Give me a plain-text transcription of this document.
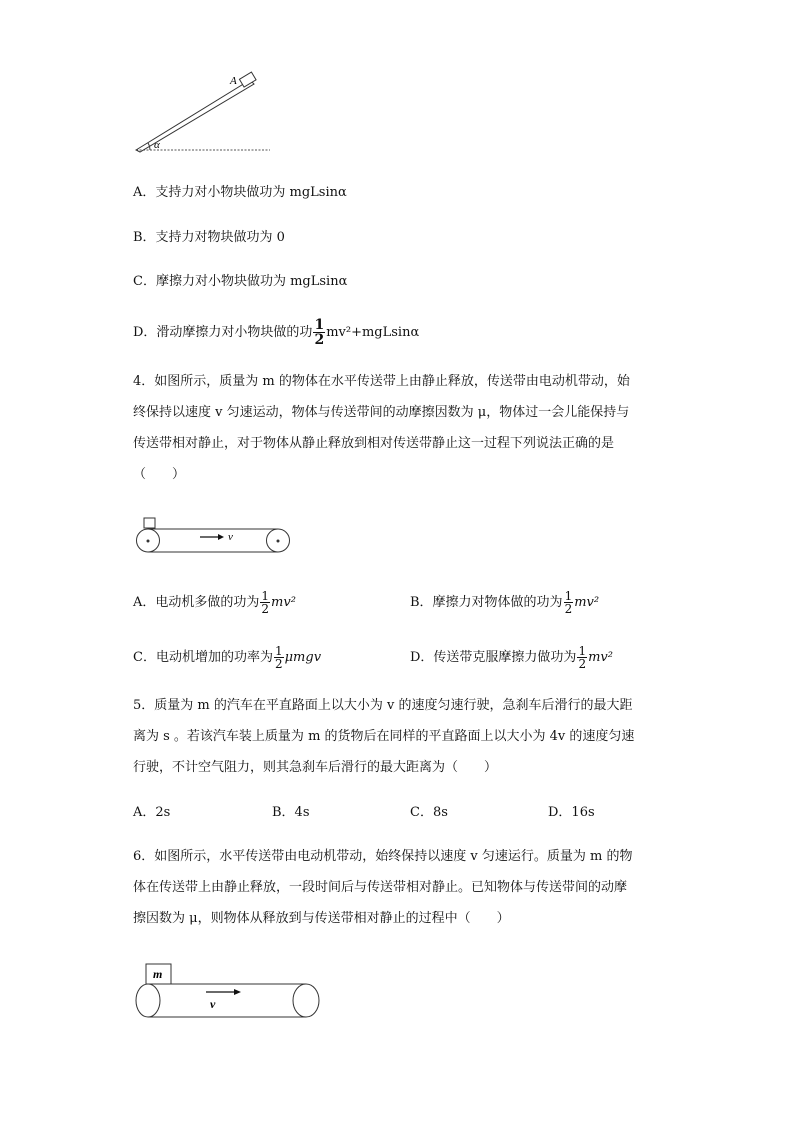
A
α
A．支持力对小物块做功为 mgLsinα
B．支持力对物块做功为 0
C．摩擦力对小物块做功为 mgLsinα
D．滑动摩擦力对小物块做的功 $\frac{1}{2} mv^2+mgLsin\alpha$
4．如图所示，质量为 m 的物体在水平传送带上由静止释放，传送带由电动机带动，始
终保持以速度 v 匀速运动，物体与传送带间的动摩擦因数为 μ，物体过一会儿能保持与
传送带相对静止，对于物体从静止释放到相对传送带静止这一过程下列说法正确的是
（　　）
v
A．电动机多做的功为 $\frac{1}{2} mv^2$	B．摩擦力对物体做的功为 $\frac{1}{2} mv^2$
C．电动机增加的功率为 $\frac{1}{2}$ μmgv	D．传送带克服摩擦力做功为 $\frac{1}{2} mv^2$
5．质量为 m 的汽车在平直路面上以大小为 v 的速度匀速行驶，急刹车后滑行的最大距
离为 s 。若该汽车装上质量为 m 的货物后在同样的平直路面上以大小为 4v 的速度匀速
行驶，不计空气阻力，则其急刹车后滑行的最大距离为（　　）
A．2s	B．4s	C．8s	D．16s
6．如图所示，水平传送带由电动机带动，始终保持以速度 v 匀速运行。质量为 m 的物
体在传送带上由静止释放，一段时间后与传送带相对静止。已知物体与传送带间的动摩
擦因数为 μ，则物体从释放到与传送带相对静止的过程中（　　）
m
v
